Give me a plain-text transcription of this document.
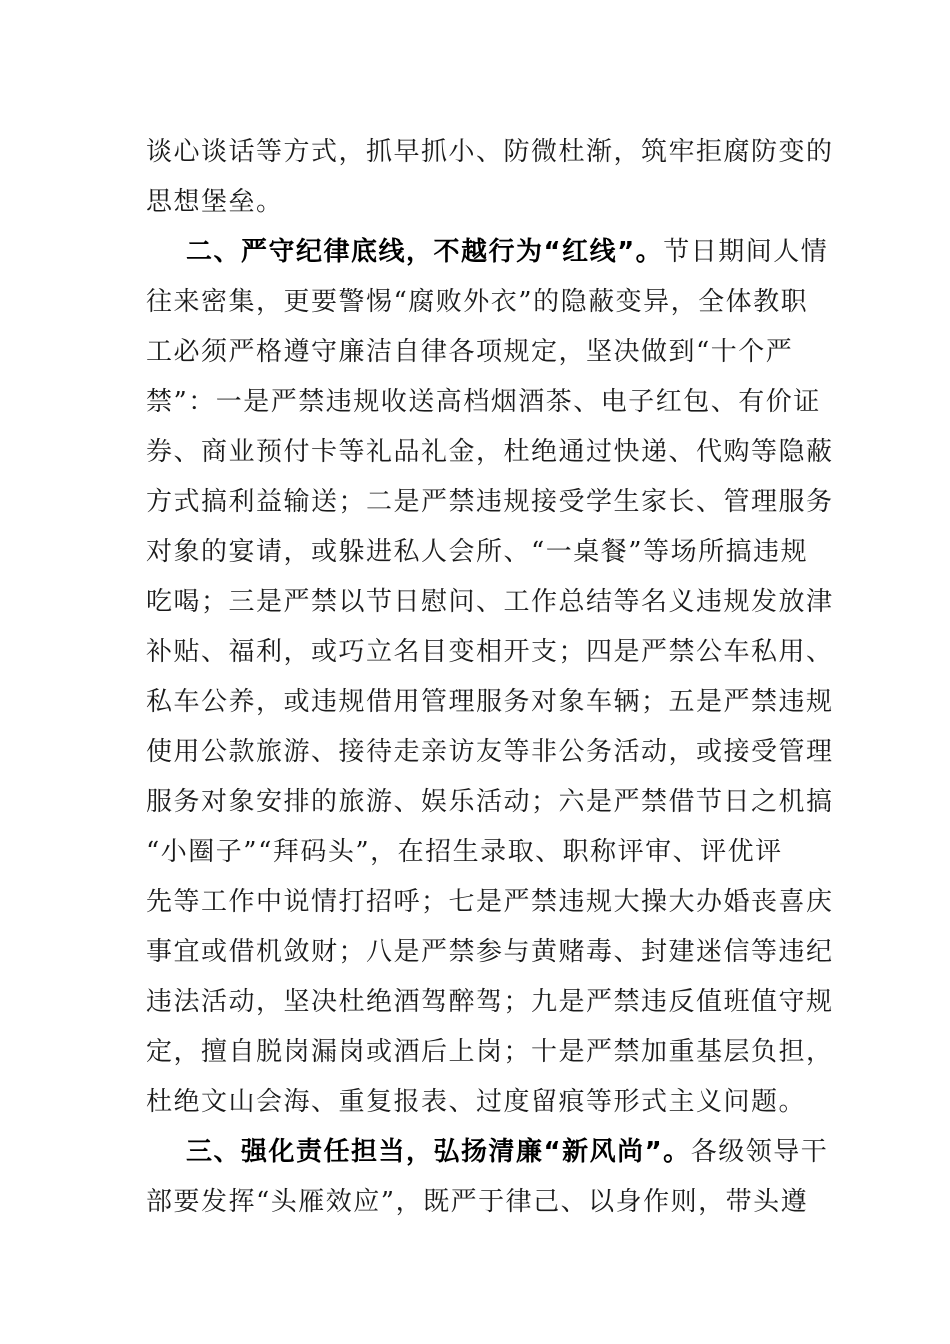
谈心谈话等方式，抓早抓小、防微杜渐，筑牢拒腐防变的
思想堡垒。
二、严守纪律底线，不越行为“红线”。节日期间人情
往来密集，更要警惕“腐败外衣”的隐蔽变异，全体教职
工必须严格遵守廉洁自律各项规定，坚决做到“十个严
禁”：一是严禁违规收送高档烟酒茶、电子红包、有价证
券、商业预付卡等礼品礼金，杜绝通过快递、代购等隐蔽
方式搞利益输送；二是严禁违规接受学生家长、管理服务
对象的宴请，或躲进私人会所、“一桌餐”等场所搞违规
吃喝；三是严禁以节日慰问、工作总结等名义违规发放津
补贴、福利，或巧立名目变相开支；四是严禁公车私用、
私车公养，或违规借用管理服务对象车辆；五是严禁违规
使用公款旅游、接待走亲访友等非公务活动，或接受管理
服务对象安排的旅游、娱乐活动；六是严禁借节日之机搞
“小圈子”“拜码头”，在招生录取、职称评审、评优评
先等工作中说情打招呼；七是严禁违规大操大办婚丧喜庆
事宜或借机敛财；八是严禁参与黄赌毒、封建迷信等违纪
违法活动，坚决杜绝酒驾醉驾；九是严禁违反值班值守规
定，擅自脱岗漏岗或酒后上岗；十是严禁加重基层负担，
杜绝文山会海、重复报表、过度留痕等形式主义问题。
三、强化责任担当，弘扬清廉“新风尚”。各级领导干
部要发挥“头雁效应”，既严于律己、以身作则，带头遵
